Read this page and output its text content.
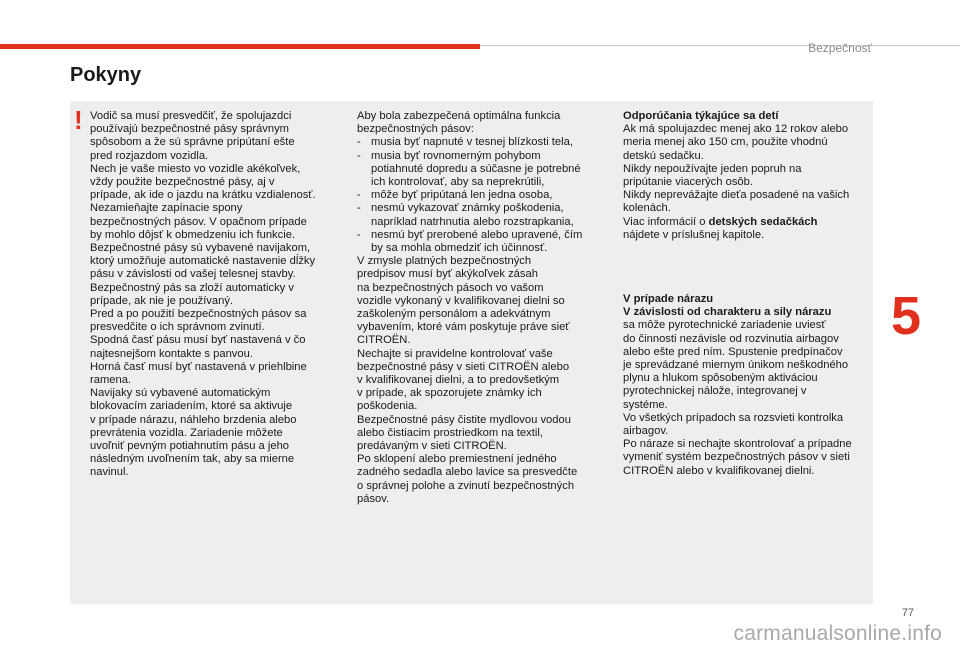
Bezpečnosť
Pokyny
! Vodič sa musí presvedčiť, že spolujazdci

používajú bezpečnostné pásy správnym

spôsobom a že sú správne pripútaní ešte

pred rozjazdom vozidla.

Nech je vaše miesto vo vozidle akékoľvek,

vždy použite bezpečnostné pásy, aj v

prípade, ak ide o jazdu na krátku vzdialenosť.

Nezamieňajte zapínacie spony

bezpečnostných pásov. V opačnom prípade

by mohlo dôjsť k obmedzeniu ich funkcie.

Bezpečnostné pásy sú vybavené navijakom,

ktorý umožňuje automatické nastavenie dĺžky

pásu v závislosti od vašej telesnej stavby.

Bezpečnostný pás sa zloží automaticky v

prípade, ak nie je používaný.

Pred a po použití bezpečnostných pásov sa

presvedčite o ich správnom zvinutí.

Spodná časť pásu musí byť nastavená v čo

najtesnejšom kontakte s panvou.

Horná časť musí byť nastavená v priehlbine

ramena.

Navijaky sú vybavené automatickým

blokovacím zariadením, ktoré sa aktivuje

v prípade nárazu, náhleho brzdenia alebo

prevrátenia vozidla. Zariadenie môžete

uvoľniť pevným potiahnutím pásu a jeho

následným uvoľnením tak, aby sa mierne

navinul.

Aby bola zabezpečená optimálna funkcia

bezpečnostných pásov:

- musia byť napnuté v tesnej blízkosti tela,

- musia byť rovnomerným pohybom

potiahnuté dopredu a súčasne je potrebné

ich kontrolovať, aby sa neprekrútili,

- môže byť pripútaná len jedna osoba,

- nesmú vykazovať známky poškodenia,

napríklad natrhnutia alebo rozstrapkania,

- nesmú byť prerobené alebo upravené, čím

by sa mohla obmedziť ich účinnosť.

V zmysle platných bezpečnostných

predpisov musí byť akýkoľvek zásah

na bezpečnostných pásoch vo vašom

vozidle vykonaný v kvalifikovanej dielni so

zaškoleným personálom a adekvátnym

vybavením, ktoré vám poskytuje práve sieť

CITROËN.

Nechajte si pravidelne kontrolovať vaše

bezpečnostné pásy v sieti CITROËN alebo

v kvalifikovanej dielni, a to predovšetkým

v prípade, ak spozorujete známky ich

poškodenia.

Bezpečnostné pásy čistite mydlovou vodou

alebo čistiacim prostriedkom na textil,

predávaným v sieti CITROËN.

Po sklopení alebo premiestnení jedného

zadného sedadla alebo lavice sa presvedčte

o správnej polohe a zvinutí bezpečnostných

pásov.

Odporúčania týkajúce sa detí

Ak má spolujazdec menej ako 12 rokov alebo

meria menej ako 150 cm, použite vhodnú

detskú sedačku.

Nikdy nepoužívajte jeden popruh na

pripútanie viacerých osôb.

Nikdy neprevážajte dieťa posadené na vašich

kolenách.

Viac informácií o detských sedačkách

nájdete v príslušnej kapitole.

V prípade nárazu

V závislosti od charakteru a sily nárazu

sa môže pyrotechnické zariadenie uviesť

do činnosti nezávisle od rozvinutia airbagov

alebo ešte pred ním. Spustenie predpínačov

je sprevádzané miernym únikom neškodného

plynu a hlukom spôsobeným aktiváciou

pyrotechnickej nálože, integrovanej v

systéme.

Vo všetkých prípadoch sa rozsvieti kontrolka

airbagov.

Po náraze si nechajte skontrolovať a prípadne

vymeniť systém bezpečnostných pásov v sieti

CITROËN alebo v kvalifikovanej dielni.

5
77
carmanualsonline.info
